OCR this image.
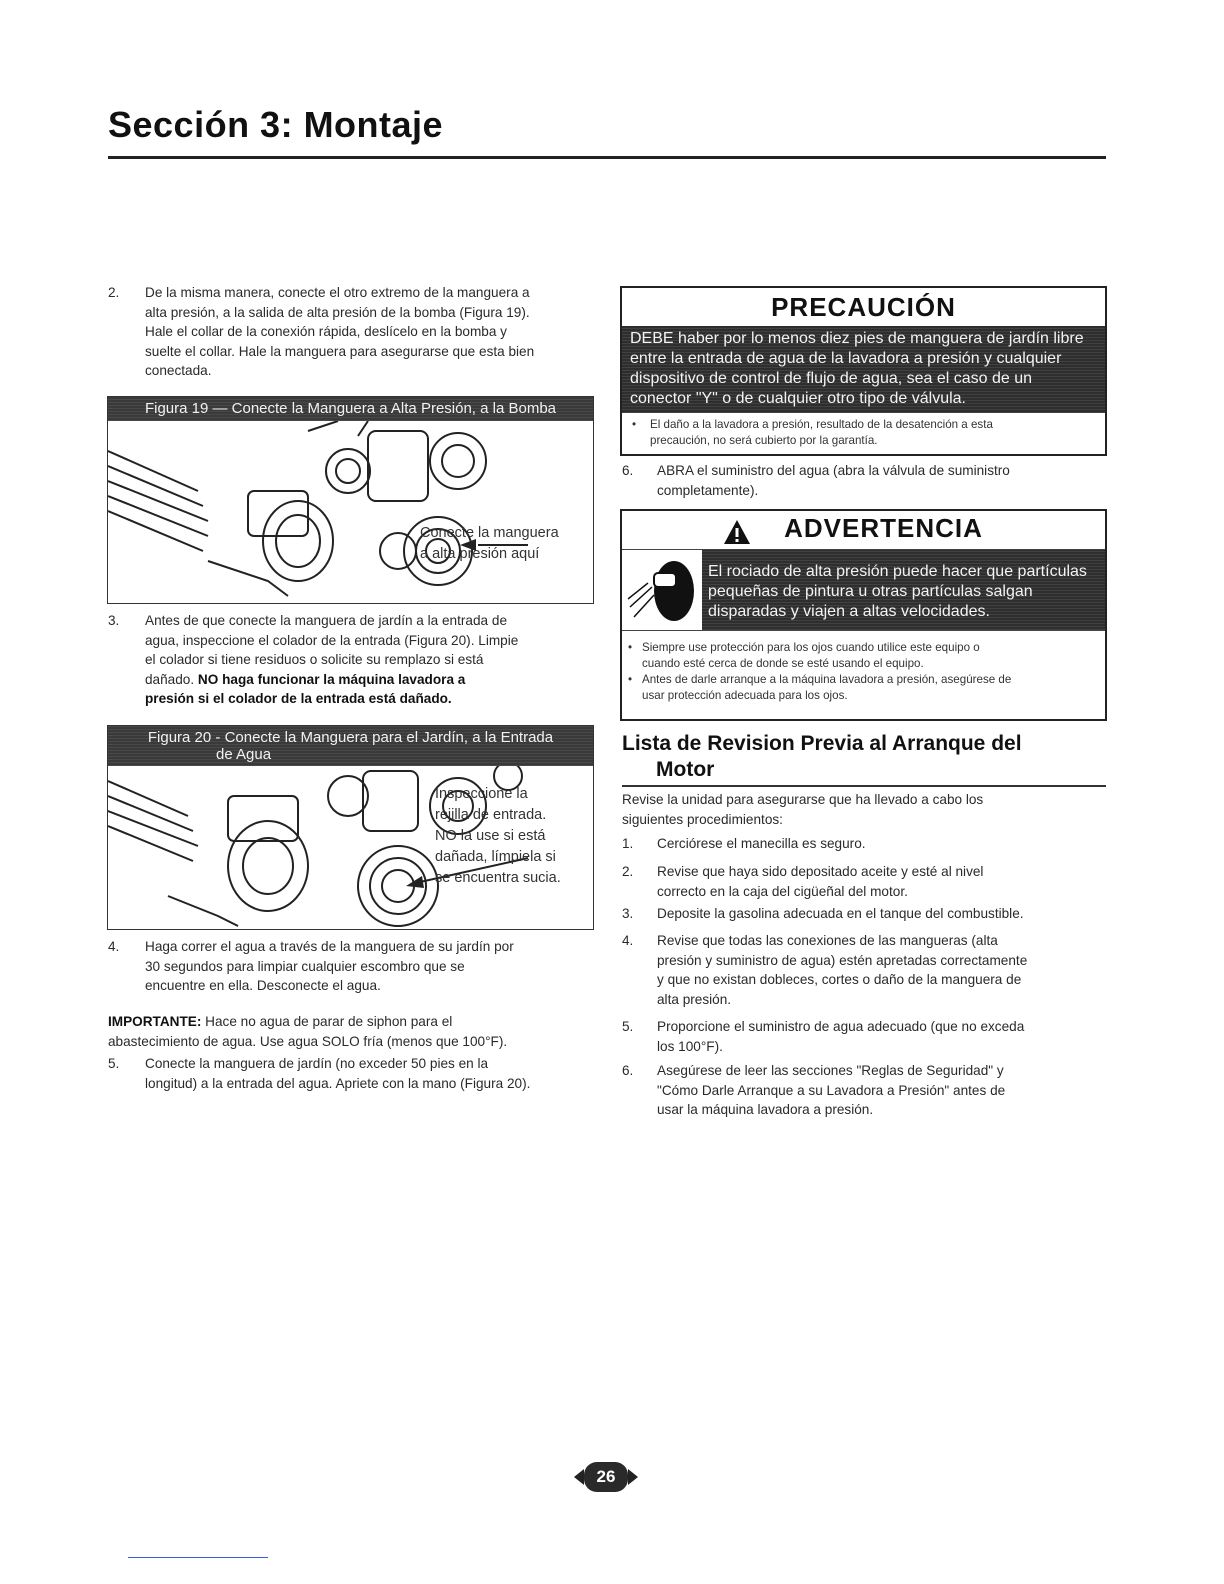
Sección 3: Montaje
2. De la misma manera, conecte el otro extremo de la manguera a
alta presión, a la salida de alta presión de la bomba (Figura 19).
Hale el collar de la conexión rápida, deslícelo en la bomba y
suelte el collar. Hale la manguera para asegurarse que esta bien
conectada.
Figura 19 — Conecte la Manguera a Alta Presión, a la Bomba
Conecte la manguera
a alta presión aquí
3. Antes de que conecte la manguera de jardín a la entrada de
agua, inspeccione el colador de la entrada (Figura 20). Limpie
el colador si tiene residuos o solicite su remplazo si está
dañado. NO haga funcionar la máquina lavadora a
presión si el colador de la entrada está dañado.
Figura 20 - Conecte la Manguera para el Jardín, a la Entrada
de Agua
Inspeccione la
rejilla de entrada.
NO la use si está
dañada, límpiela si
se encuentra sucia.
4. Haga correr el agua a través de la manguera de su jardín por
30 segundos para limpiar cualquier escombro que se
encuentre en ella. Desconecte el agua.
IMPORTANTE: Hace no agua de parar de siphon para el
abastecimiento de agua. Use agua SOLO fría (menos que 100°F).
5. Conecte la manguera de jardín (no exceder 50 pies en la
longitud) a la entrada del agua. Apriete con la mano (Figura 20).
PRECAUCIÓN
DEBE haber por lo menos diez pies de manguera de jardín libre
entre la entrada de agua de la lavadora a presión y cualquier
dispositivo de control de flujo de agua, sea el caso de un
conector "Y" o de cualquier otro tipo de válvula.
• El daño a la lavadora a presión, resultado de la desatención a esta
precaución, no será cubierto por la garantía.
6. ABRA el suministro del agua (abra la válvula de suministro
completamente).
ADVERTENCIA
El rociado de alta presión puede hacer que partículas
pequeñas de pintura u otras partículas salgan
disparadas y viajen a altas velocidades.
• Siempre use protección para los ojos cuando utilice este equipo o
cuando esté cerca de donde se esté usando el equipo.
• Antes de darle arranque a la máquina lavadora a presión, asegúrese de
usar protección adecuada para los ojos.
Lista de Revision Previa al Arranque del
Motor
Revise la unidad para asegurarse que ha llevado a cabo los
siguientes procedimientos:
1. Cerciórese el manecilla es seguro.
2. Revise que haya sido depositado aceite y esté al nivel
correcto en la caja del cigüeñal del motor.
3. Deposite la gasolina adecuada en el tanque del combustible.
4. Revise que todas las conexiones de las mangueras (alta
presión y suministro de agua) estén apretadas correctamente
y que no existan dobleces, cortes o daño de la manguera de
alta presión.
5. Proporcione el suministro de agua adecuado (que no exceda
los 100°F).
6. Asegúrese de leer las secciones "Reglas de Seguridad" y
"Cómo Darle Arranque a su Lavadora a Presión" antes de
usar la máquina lavadora a presión.
26
